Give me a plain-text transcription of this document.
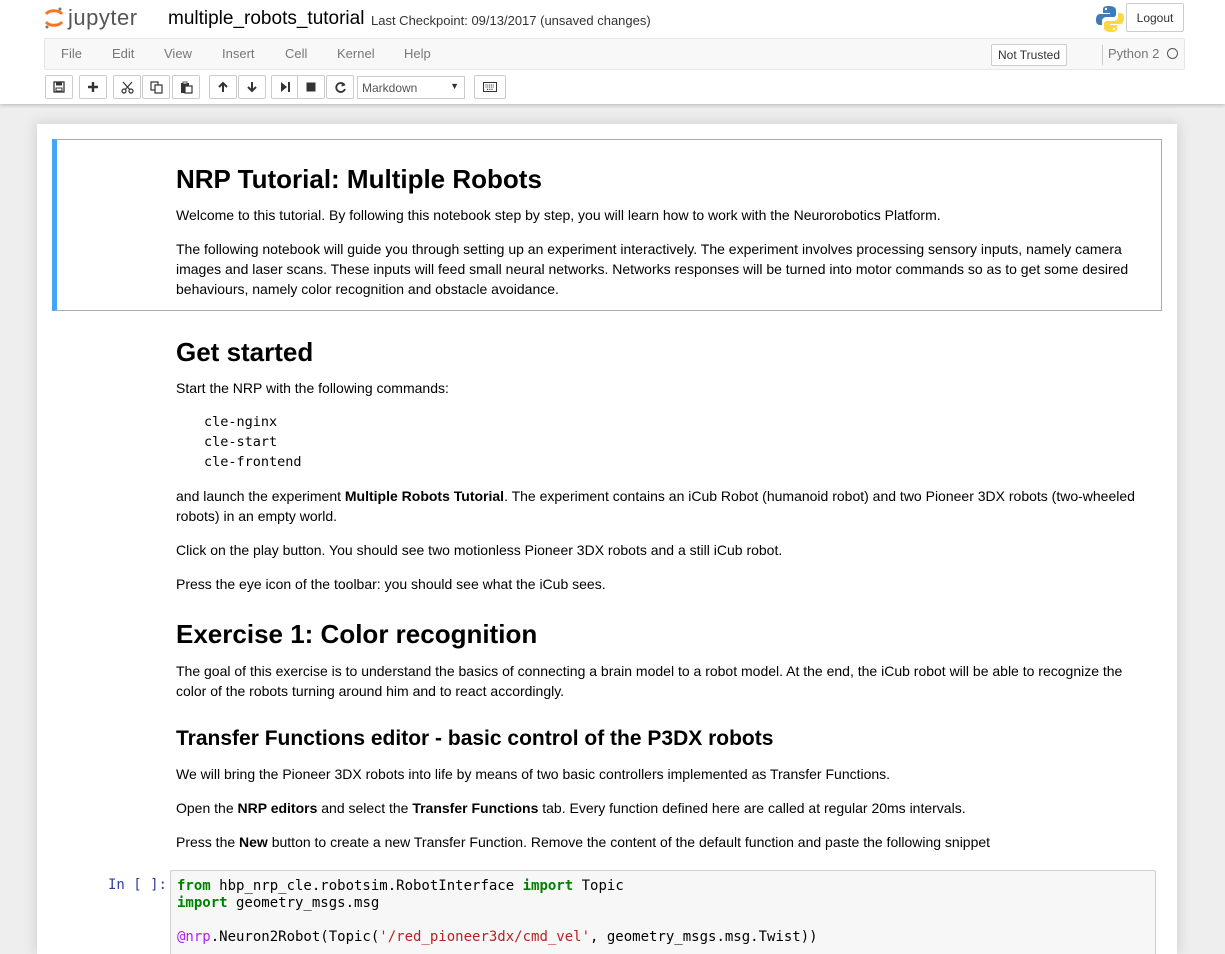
jupyter multiple_robots_tutorial Last Checkpoint: 09/13/2017 (unsaved changes)	Logout
File Edit View Insert Cell Kernel Help	Not Trusted	Python 2
Markdown	▼
NRP Tutorial: Multiple Robots

Welcome to this tutorial. By following this notebook step by step, you will learn how to work with the Neurorobotics Platform.

The following notebook will guide you through setting up an experiment interactively. The experiment involves processing sensory inputs, namely camera images and laser scans. These inputs will feed small neural networks. Networks responses will be turned into motor commands so as to get some desired behaviours, namely color recognition and obstacle avoidance.

Get started

Start the NRP with the following commands:

cle-nginx
cle-start
cle-frontend

and launch the experiment Multiple Robots Tutorial. The experiment contains an iCub Robot (humanoid robot) and two Pioneer 3DX robots (two-wheeled robots) in an empty world.

Click on the play button. You should see two motionless Pioneer 3DX robots and a still iCub robot.

Press the eye icon of the toolbar: you should see what the iCub sees.

Exercise 1: Color recognition

The goal of this exercise is to understand the basics of connecting a brain model to a robot model. At the end, the iCub robot will be able to recognize the color of the robots turning around him and to react accordingly.

Transfer Functions editor - basic control of the P3DX robots

We will bring the Pioneer 3DX robots into life by means of two basic controllers implemented as Transfer Functions.

Open the NRP editors and select the Transfer Functions tab. Every function defined here are called at regular 20ms intervals.

Press the New button to create a new Transfer Function. Remove the content of the default function and paste the following snippet

In [ ]: from hbp_nrp_cle.robotsim.RobotInterface import Topic
import geometry_msgs.msg
@nrp.Neuron2Robot(Topic('/red_pioneer3dx/cmd_vel', geometry_msgs.msg.Twist))
